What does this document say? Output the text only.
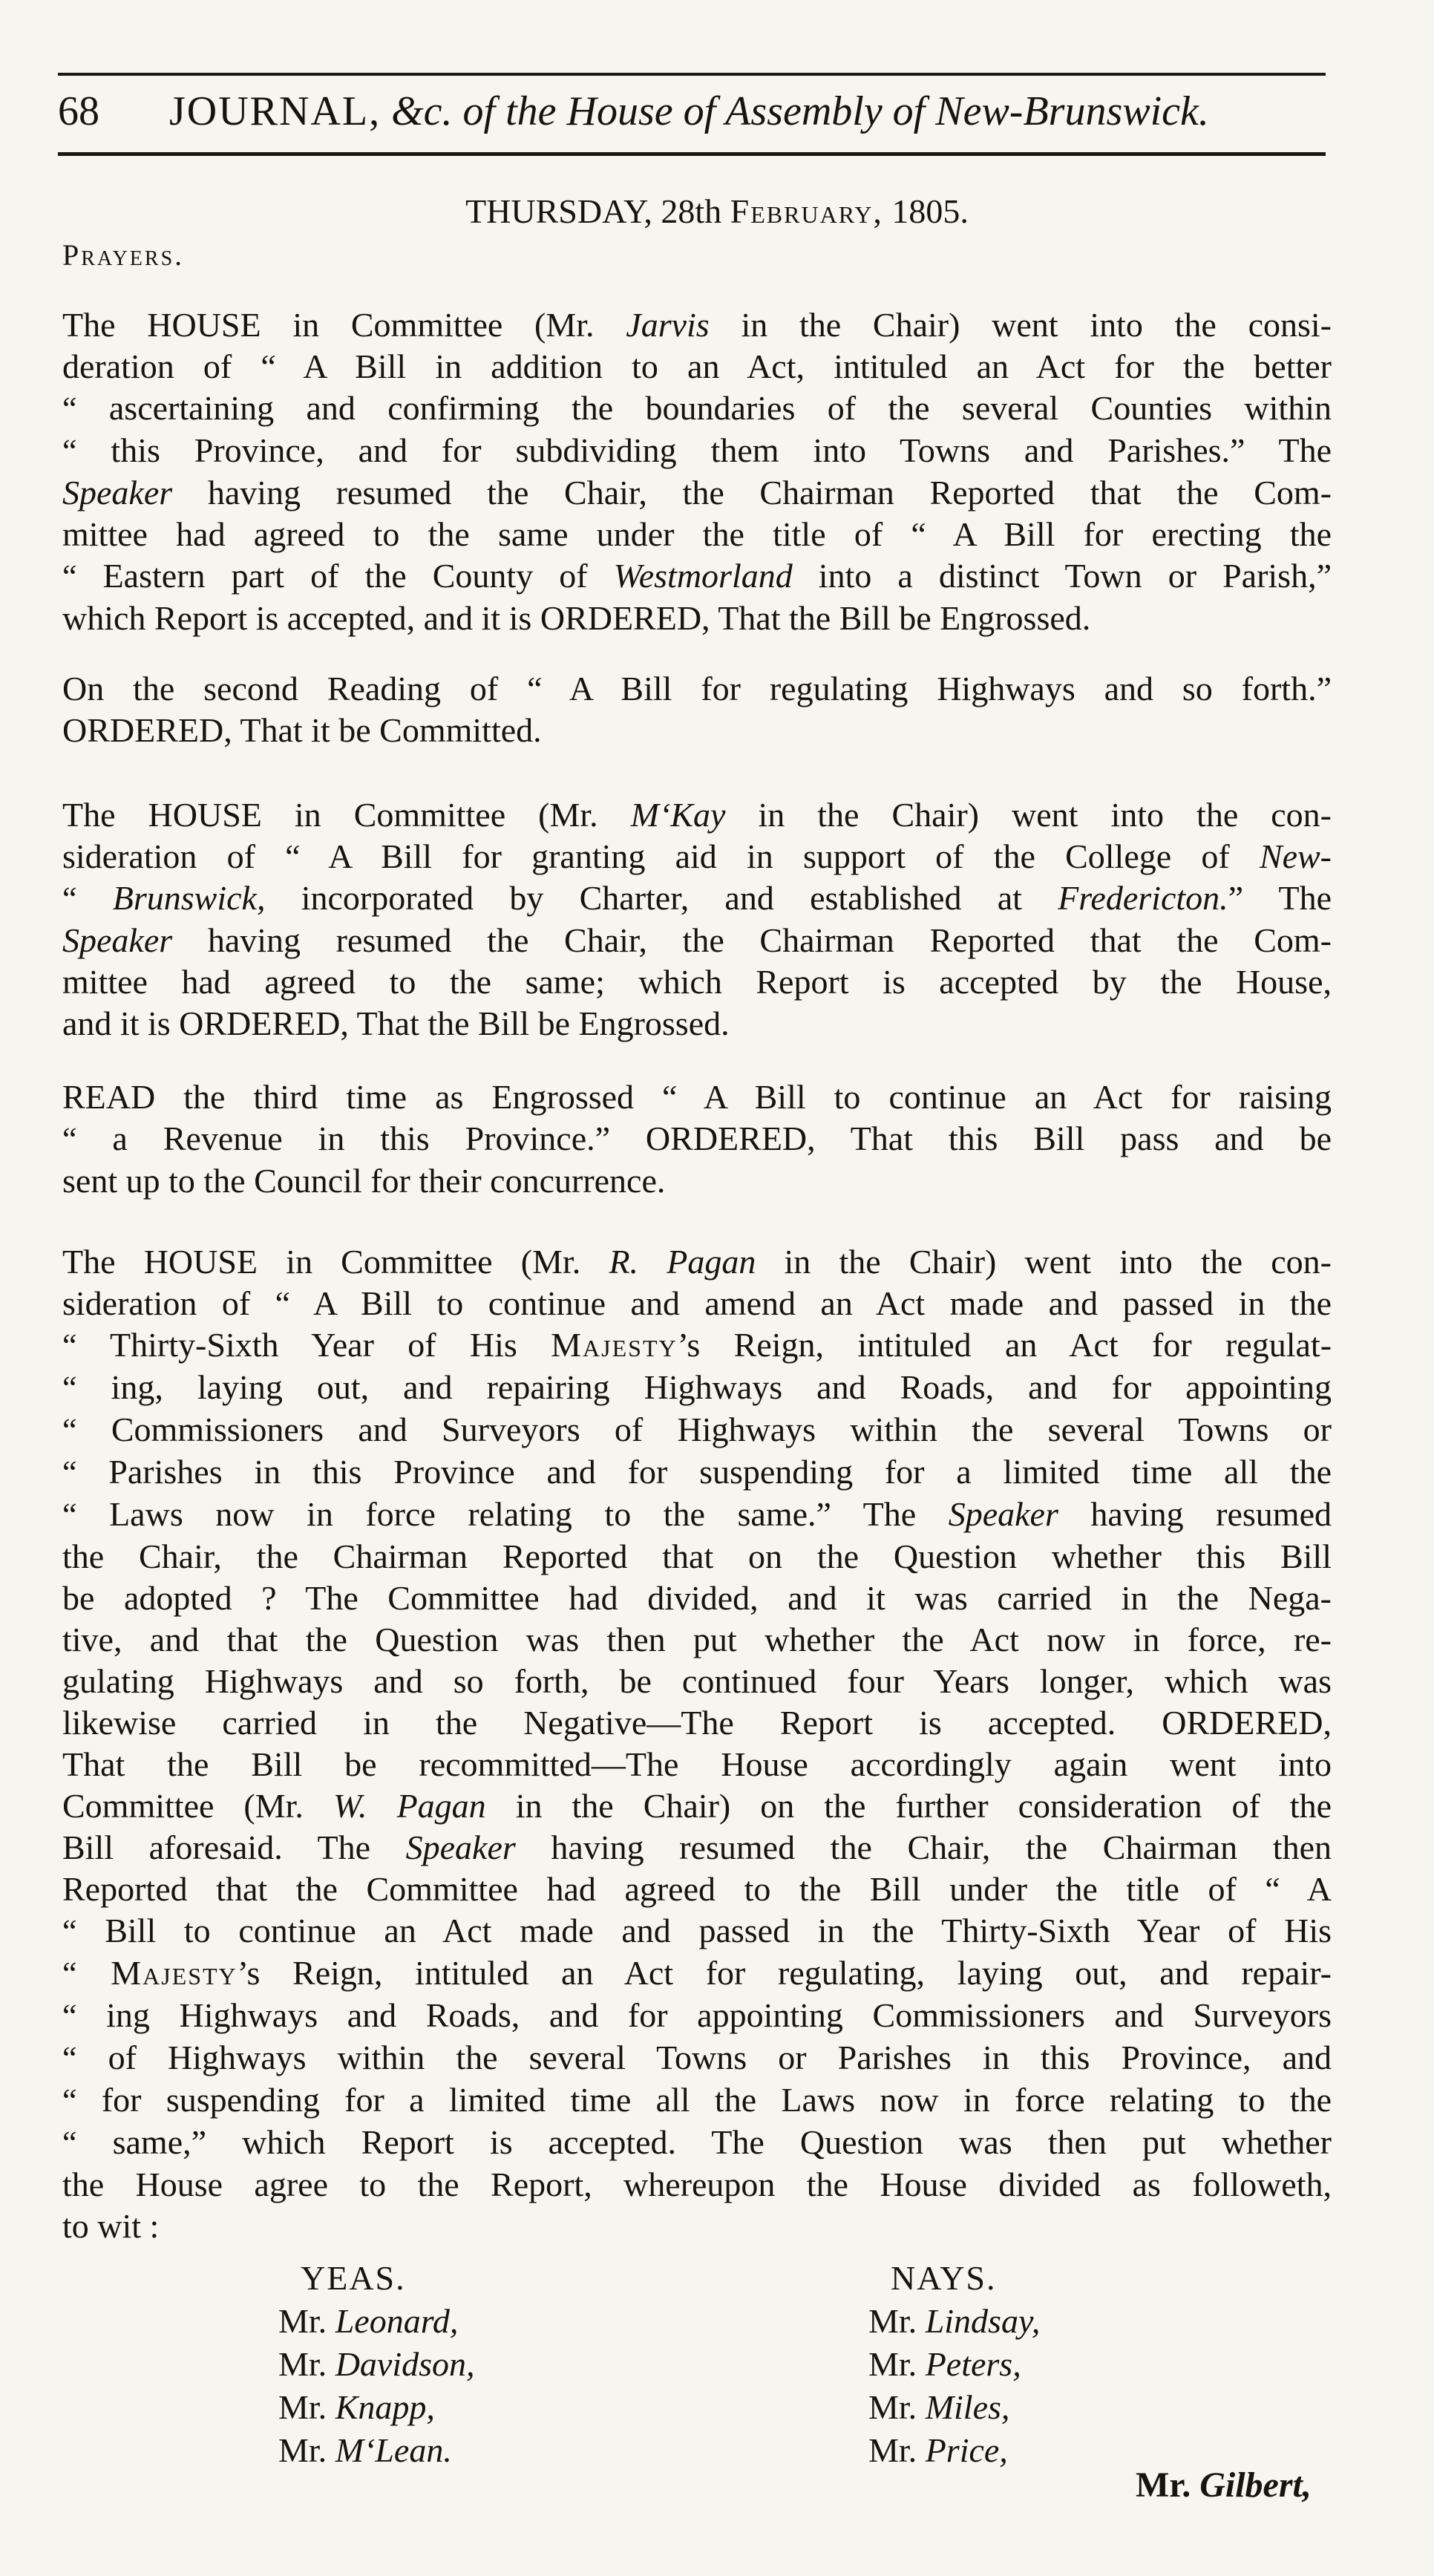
68	JOURNAL,
&c.
of the
House of Assembly
of
New-Brunswick.
THURSDAY, 28th February, 1805.
Prayers.
The HOUSE in Committee (Mr. Jarvis in the Chair) went into the consi-
deration of “ A Bill in addition to an Act, intituled an Act for the better
“ ascertaining and confirming the boundaries of the several Counties within
“ this Province, and for subdividing them into Towns and Parishes.” The
Speaker having resumed the Chair, the Chairman Reported that the Com-
mittee had agreed to the same under the title of “ A Bill for erecting the
“ Eastern part of the County of Westmorland into a distinct Town or Parish,”
which Report is accepted, and it is ORDERED, That the Bill be Engrossed.
On the second Reading of “ A Bill for regulating Highways and so forth.”
ORDERED, That it be Committed.
The HOUSE in Committee (Mr. M‘Kay in the Chair) went into the con-
sideration of “ A Bill for granting aid in support of the College of New-
“ Brunswick, incorporated by Charter, and established at Fredericton.” The
Speaker having resumed the Chair, the Chairman Reported that the Com-
mittee had agreed to the same; which Report is accepted by the House,
and it is ORDERED, That the Bill be Engrossed.
READ the third time as Engrossed “ A Bill to continue an Act for raising
“ a Revenue in this Province.” ORDERED, That this Bill pass and be
sent up to the Council for their concurrence.
The HOUSE in Committee (Mr. R. Pagan in the Chair) went into the con-
sideration of “ A Bill to continue and amend an Act made and passed in the
“ Thirty-Sixth Year of His Majesty’s Reign, intituled an Act for regulat-
“ ing, laying out, and repairing Highways and Roads, and for appointing
“ Commissioners and Surveyors of Highways within the several Towns or
“ Parishes in this Province and for suspending for a limited time all the
“ Laws now in force relating to the same.” The Speaker having resumed
the Chair, the Chairman Reported that on the Question whether this Bill
be adopted ? The Committee had divided, and it was carried in the Nega-
tive, and that the Question was then put whether the Act now in force, re-
gulating Highways and so forth, be continued four Years longer, which was
likewise carried in the Negative—The Report is accepted. ORDERED,
That the Bill be recommitted—The House accordingly again went into
Committee (Mr. W. Pagan in the Chair) on the further consideration of the
Bill aforesaid. The Speaker having resumed the Chair, the Chairman then
Reported that the Committee had agreed to the Bill under the title of “ A
“ Bill to continue an Act made and passed in the Thirty-Sixth Year of His
“ Majesty’s Reign, intituled an Act for regulating, laying out, and repair-
“ ing Highways and Roads, and for appointing Commissioners and Surveyors
“ of Highways within the several Towns or Parishes in this Province, and
“ for suspending for a limited time all the Laws now in force relating to the
“ same,” which Report is accepted. The Question was then put whether
the House agree to the Report, whereupon the House divided as followeth,
to wit :
YEAS.
Mr. Leonard,
Mr. Davidson,
Mr. Knapp,
Mr. M‘Lean.
NAYS.
Mr. Lindsay,
Mr. Peters,
Mr. Miles,
Mr. Price,
Mr. Gilbert,
